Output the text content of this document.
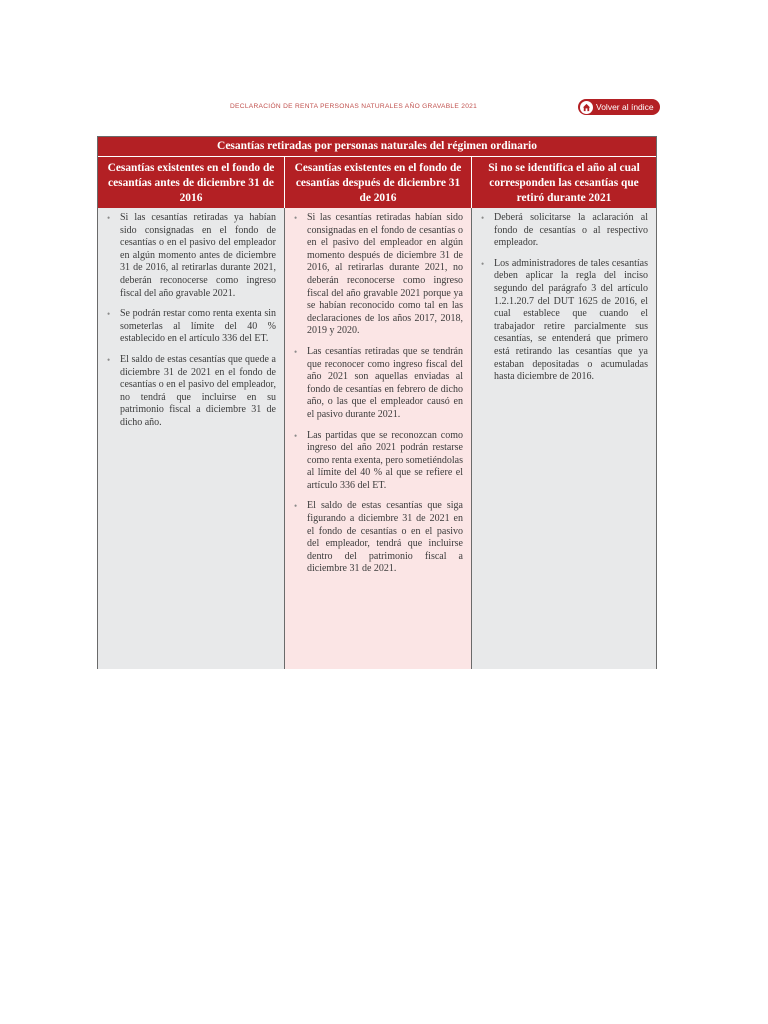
DECLARACIÓN DE RENTA PERSONAS NATURALES AÑO GRAVABLE 2021	Volver al índice
Cesantías retiradas por personas naturales del régimen ordinario
Cesantías existentes en el fondo de cesantías antes de diciembre 31 de 2016
Cesantías existentes en el fondo de cesantías después de diciembre 31 de 2016
Si no se identifica el año al cual corresponden las cesantías que retiró durante 2021
• Si las cesantías retiradas ya habían sido consignadas en el fondo de cesantías o en el pasivo del empleador en algún momento antes de diciembre 31 de 2016, al retirarlas durante 2021, deberán reconocerse como ingreso fiscal del año gravable 2021.
• Se podrán restar como renta exenta sin someterlas al límite del 40 % establecido en el artículo 336 del ET.
• El saldo de estas cesantías que quede a diciembre 31 de 2021 en el fondo de cesantías o en el pasivo del empleador, no tendrá que incluirse en su patrimonio fiscal a diciembre 31 de dicho año.
• Si las cesantías retiradas habían sido consignadas en el fondo de cesantías o en el pasivo del empleador en algún momento después de diciembre 31 de 2016, al retirarlas durante 2021, no deberán reconocerse como ingreso fiscal del año gravable 2021 porque ya se habían reconocido como tal en las declaraciones de los años 2017, 2018, 2019 y 2020.
• Las cesantías retiradas que se tendrán que reconocer como ingreso fiscal del año 2021 son aquellas enviadas al fondo de cesantías en febrero de dicho año, o las que el empleador causó en el pasivo durante 2021.
• Las partidas que se reconozcan como ingreso del año 2021 podrán restarse como renta exenta, pero sometiéndolas al límite del 40 % al que se refiere el artículo 336 del ET.
• El saldo de estas cesantías que siga figurando a diciembre 31 de 2021 en el fondo de cesantías o en el pasivo del empleador, tendrá que incluirse dentro del patrimonio fiscal a diciembre 31 de 2021.
• Deberá solicitarse la aclaración al fondo de cesantías o al respectivo empleador.
• Los administradores de tales cesantías deben aplicar la regla del inciso segundo del parágrafo 3 del artículo 1.2.1.20.7 del DUT 1625 de 2016, el cual establece que cuando el trabajador retire parcialmente sus cesantías, se entenderá que primero está retirando las cesantías que ya estaban depositadas o acumuladas hasta diciembre de 2016.
